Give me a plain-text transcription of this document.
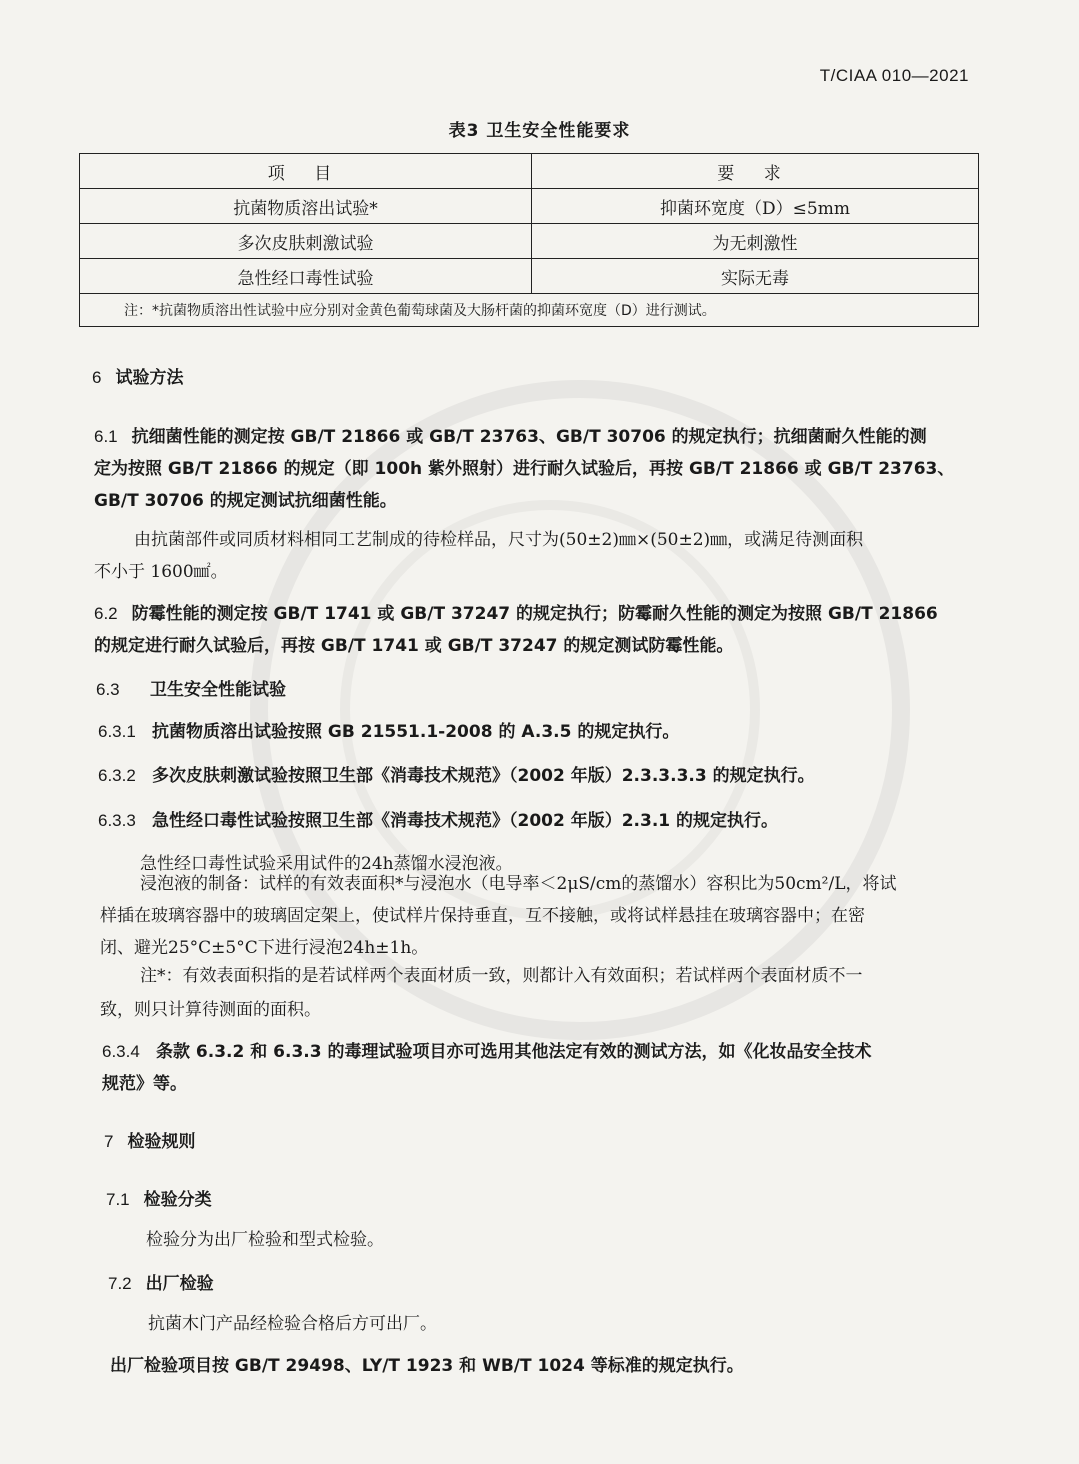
T/CIAA 010—2021
表3 卫生安全性能要求
项 目	要 求
抗菌物质溶出试验*	抑菌环宽度（D）≤5mm
多次皮肤刺激试验	为无刺激性
急性经口毒性试验	实际无毒
注：*抗菌物质溶出性试验中应分别对金黄色葡萄球菌及大肠杆菌的抑菌环宽度（D）进行测试。	
6 试验方法
6.1 抗细菌性能的测定按 GB/T 21866 或 GB/T 23763、GB/T 30706 的规定执行；抗细菌耐久性能的测
定为按照 GB/T 21866 的规定（即 100h 紫外照射）进行耐久试验后，再按 GB/T 21866 或 GB/T 23763、
GB/T 30706 的规定测试抗细菌性能。
由抗菌部件或同质材料相同工艺制成的待检样品，尺寸为(50±2)㎜×(50±2)㎜，或满足待测面积
不小于 1600㎟。
6.2 防霉性能的测定按 GB/T 1741 或 GB/T 37247 的规定执行；防霉耐久性能的测定为按照 GB/T 21866
的规定进行耐久试验后，再按 GB/T 1741 或 GB/T 37247 的规定测试防霉性能。
6.3 卫生安全性能试验
6.3.1 抗菌物质溶出试验按照 GB 21551.1-2008 的 A.3.5 的规定执行。
6.3.2 多次皮肤刺激试验按照卫生部《消毒技术规范》（2002 年版）2.3.3.3.3 的规定执行。
6.3.3 急性经口毒性试验按照卫生部《消毒技术规范》（2002 年版）2.3.1 的规定执行。
急性经口毒性试验采用试件的24h蒸馏水浸泡液。
浸泡液的制备：试样的有效表面积*与浸泡水（电导率＜2μS/cm的蒸馏水）容积比为50cm²/L，将试
样插在玻璃容器中的玻璃固定架上，使试样片保持垂直，互不接触，或将试样悬挂在玻璃容器中；在密
闭、避光25°C±5°C下进行浸泡24h±1h。
注*：有效表面积指的是若试样两个表面材质一致，则都计入有效面积；若试样两个表面材质不一
致，则只计算待测面的面积。
6.3.4 条款 6.3.2 和 6.3.3 的毒理试验项目亦可选用其他法定有效的测试方法，如《化妆品安全技术
规范》等。
7 检验规则
7.1 检验分类
检验分为出厂检验和型式检验。
7.2 出厂检验
抗菌木门产品经检验合格后方可出厂。
出厂检验项目按 GB/T 29498、LY/T 1923 和 WB/T 1024 等标准的规定执行。
